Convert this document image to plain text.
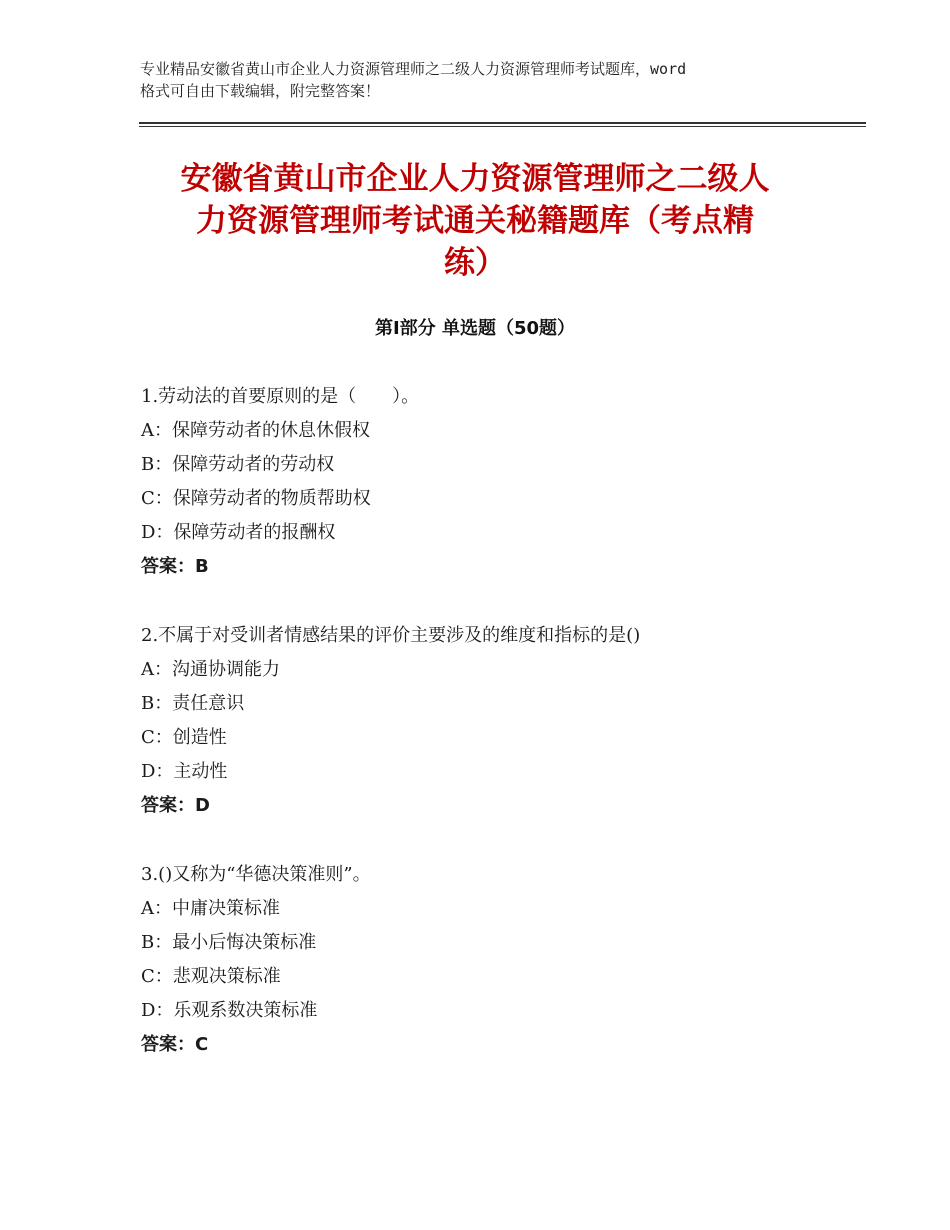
专业精品安徽省黄山市企业人力资源管理师之二级人力资源管理师考试题库，word
格式可自由下载编辑，附完整答案！
安徽省黄山市企业人力资源管理师之二级人
力资源管理师考试通关秘籍题库（考点精
练）
第Ⅰ部分 单选题（50题）
1.劳动法的首要原则的是（　　）。
A：保障劳动者的休息休假权
B：保障劳动者的劳动权
C：保障劳动者的物质帮助权
D：保障劳动者的报酬权
答案：B
2.不属于对受训者情感结果的评价主要涉及的维度和指标的是()
A：沟通协调能力
B：责任意识
C：创造性
D：主动性
答案：D
3.()又称为“华德决策准则”。
A：中庸决策标准
B：最小后悔决策标准
C：悲观决策标准
D：乐观系数决策标准
答案：C
